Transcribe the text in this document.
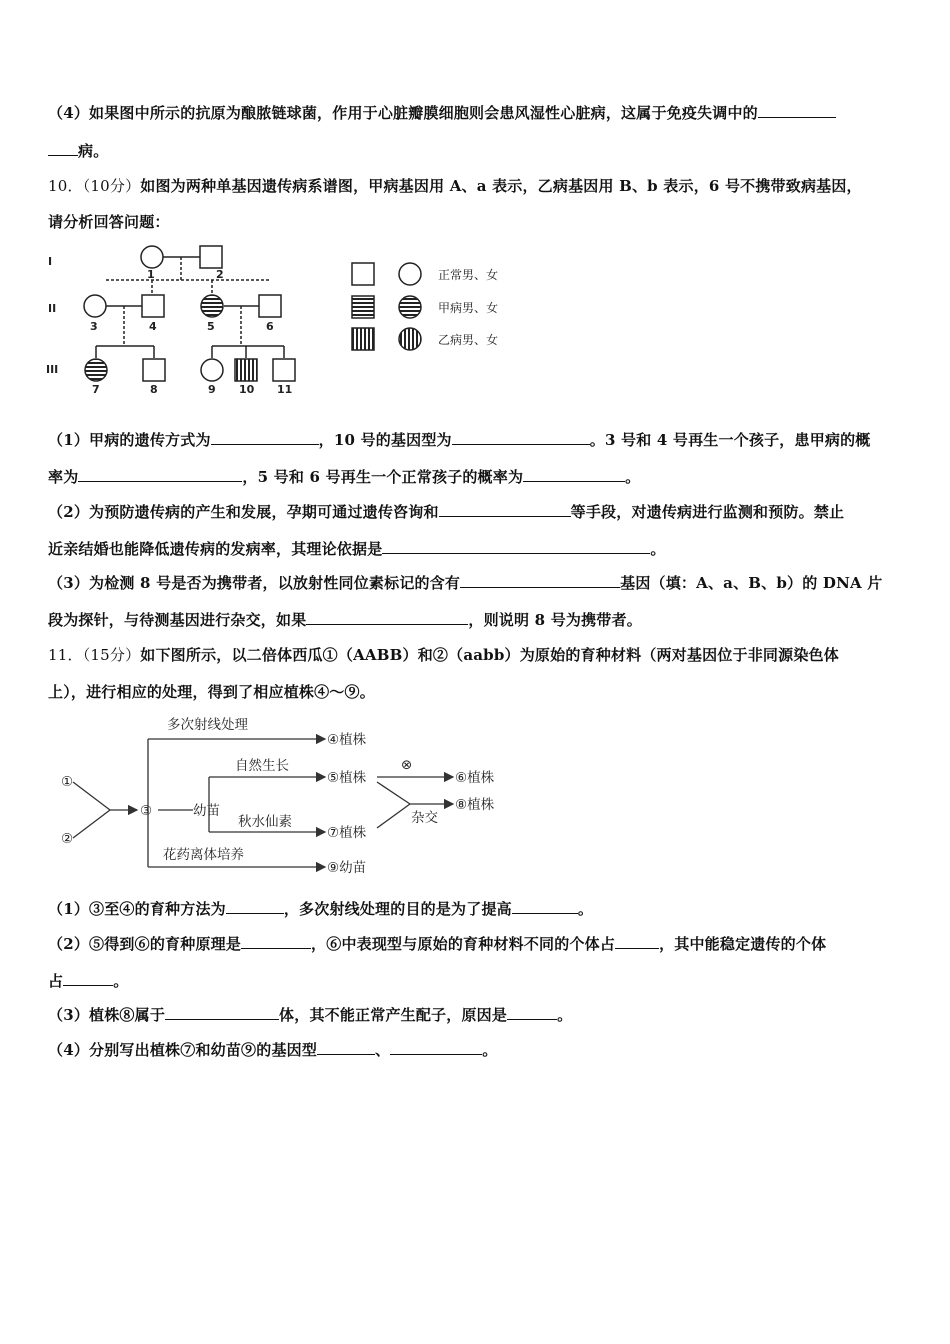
（4）如果图中所示的抗原为酿脓链球菌，作用于心脏瓣膜细胞则会患风湿性心脏病，这属于免疫失调中的
病。
10．（10分）如图为两种单基因遗传病系谱图，甲病基因用 A、a 表示，乙病基因用 B、b 表示，6 号不携带致病基因，
请分析回答问题：
I
II
III
1	2
3	4	5	6
7	8	9 10 11
正常男、女
甲病男、女
乙病男、女
（1）甲病的遗传方式为	，10 号的基因型为	。3 号和 4 号再生一个孩子，患甲病的概
率为	，5 号和 6 号再生一个正常孩子的概率为	。
（2）为预防遗传病的产生和发展，孕期可通过遗传咨询和	等手段，对遗传病进行监测和预防。禁止
近亲结婚也能降低遗传病的发病率，其理论依据是	。
（3）为检测 8 号是否为携带者，以放射性同位素标记的含有	基因（填：A、a、B、b）的 DNA 片
段为探针，与待测基因进行杂交，如果	，则说明 8 号为携带者。
11．（15分）如下图所示，以二倍体西瓜①（AABB）和②（aabb）为原始的育种材料（两对基因位于非同源染色体
上），进行相应的处理，得到了相应植株④～⑨。
①
②
③	幼苗
多次射线处理
④植株
自然生长
⑤植株
秋水仙素
⑦植株
花药离体培养
⑨幼苗
⊗
⑥植株
杂交
⑧植株
（1）③至④的育种方法为	，多次射线处理的目的是为了提高	。
（2）⑤得到⑥的育种原理是	，⑥中表现型与原始的育种材料不同的个体占	，其中能稳定遗传的个体
占	。
（3）植株⑧属于	体，其不能正常产生配子，原因是	。
（4）分别写出植株⑦和幼苗⑨的基因型	、	。
